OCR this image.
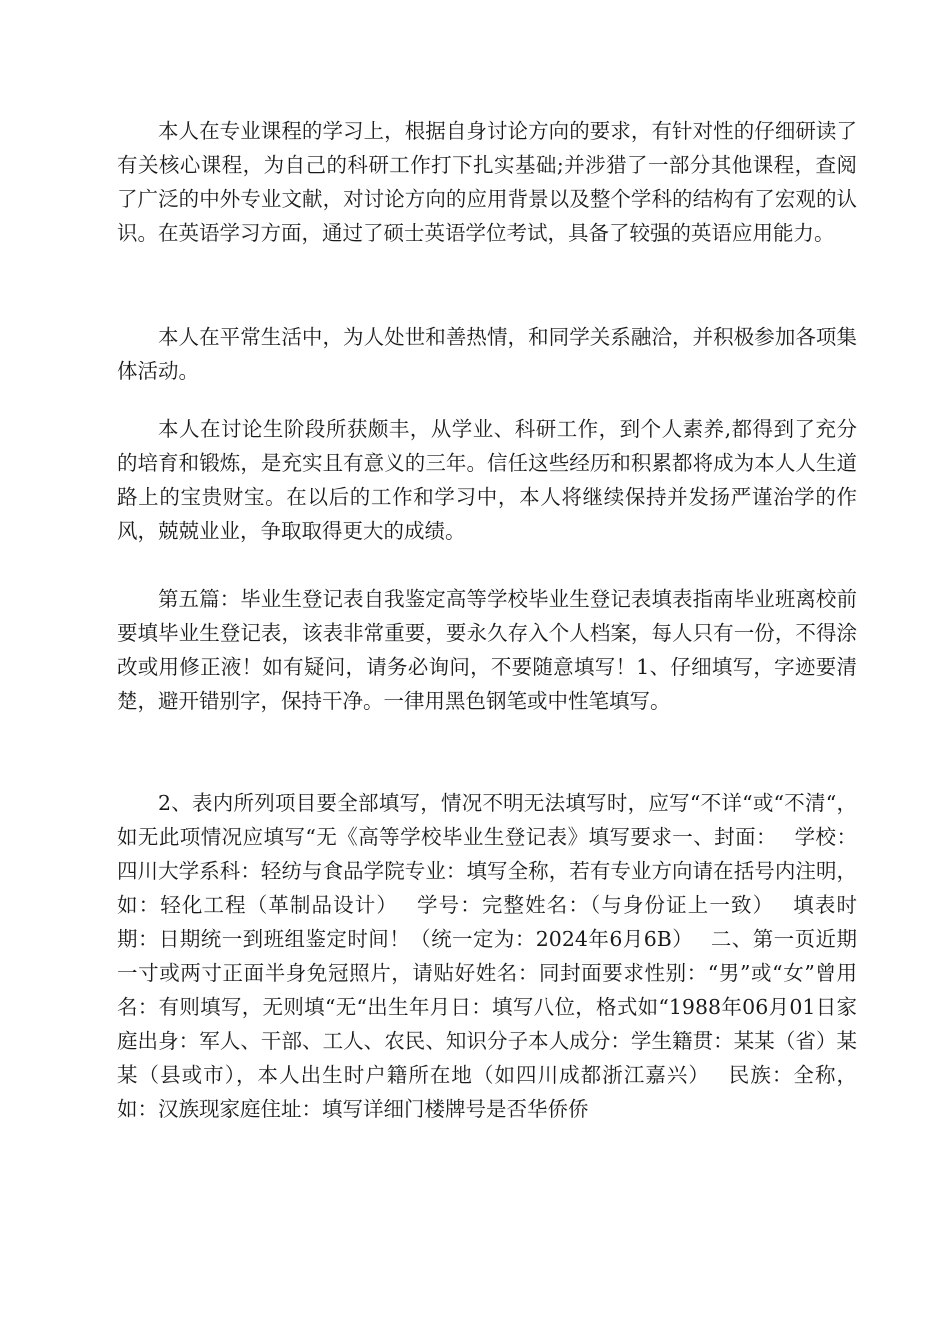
本人在专业课程的学习上，根据自身讨论方向的要求，有针对性的仔细研读了有关核心课程，为自己的科研工作打下扎实基础;并涉猎了一部分其他课程，查阅了广泛的中外专业文献，对讨论方向的应用背景以及整个学科的结构有了宏观的认识。在英语学习方面，通过了硕士英语学位考试，具备了较强的英语应用能力。

本人在平常生活中，为人处世和善热情，和同学关系融洽，并积极参加各项集体活动。

本人在讨论生阶段所获颇丰，从学业、科研工作，到个人素养,都得到了充分的培育和锻炼，是充实且有意义的三年。信任这些经历和积累都将成为本人人生道路上的宝贵财宝。在以后的工作和学习中，本人将继续保持并发扬严谨治学的作风，兢兢业业，争取取得更大的成绩。

第五篇：毕业生登记表自我鉴定高等学校毕业生登记表填表指南毕业班离校前要填毕业生登记表，该表非常重要，要永久存入个人档案，每人只有一份，不得涂改或用修正液！如有疑问，请务必询问，不要随意填写！1、仔细填写，字迹要清楚，避开错别字，保持干净。一律用黑色钢笔或中性笔填写。

2、表内所列项目要全部填写，情况不明无法填写时，应写“不详“或“不清“，如无此项情况应填写“无《高等学校毕业生登记表》填写要求一、封面：　 学校：四川大学系科：轻纺与食品学院专业：填写全称，若有专业方向请在括号内注明，如：轻化工程（革制品设计）　 学号：完整姓名：（与身份证上一致）　 填表时期：日期统一到班组鉴定时间！（统一定为：2024年6月6B）　 二、第一页近期一寸或两寸正面半身免冠照片，请贴好姓名：同封面要求性别：“男”或“女”曾用名：有则填写，无则填“无“出生年月日：填写八位，格式如“1988年06月01日家庭出身：军人、干部、工人、农民、知识分子本人成分：学生籍贯：某某（省）某某（县或市），本人出生时户籍所在地（如四川成都浙江嘉兴）　 民族：全称，如：汉族现家庭住址：填写详细门楼牌号是否华侨侨
